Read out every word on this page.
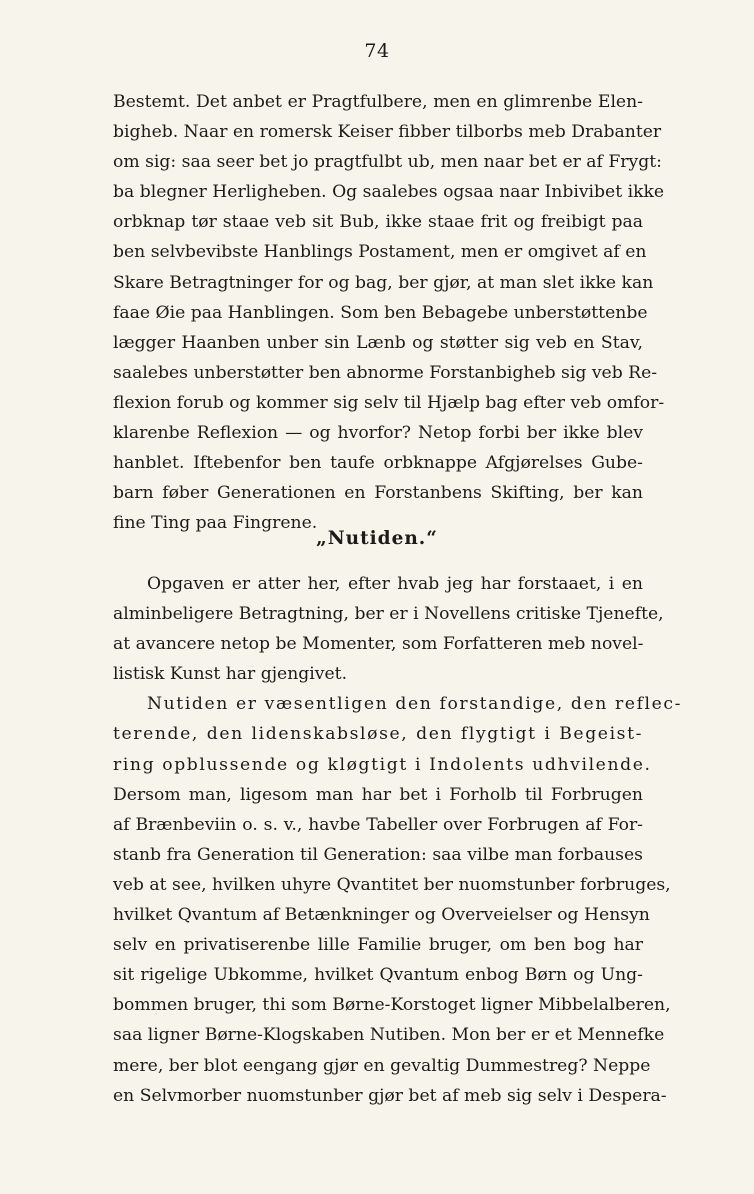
74
Bestemt. Det anbet er Pragtfulbere, men en glimrenbe Elen-
bigheb. Naar en romersk Keiser fibber tilborbs meb Drabanter
om sig: saa seer bet jo pragtfulbt ub, men naar bet er af Frygt:
ba blegner Herligheben. Og saalebes ogsaa naar Inbivibet ikke
orbknap tør staae veb sit Bub, ikke staae frit og freibigt paa
ben selvbevibste Hanblings Postament, men er omgivet af en
Skare Betragtninger for og bag, ber gjør, at man slet ikke kan
faae Øie paa Hanblingen. Som ben Bebagebe unberstøttenbe
lægger Haanben unber sin Lænb og støtter sig veb en Stav,
saalebes unberstøtter ben abnorme Forstanbigheb sig veb Re-
flexion forub og kommer sig selv til Hjælp bag efter veb omfor-
klarenbe Reflexion — og hvorfor? Netop forbi ber ikke blev
hanblet. Iftebenfor ben taufe orbknappe Afgjørelses Gube-
barn føber Generationen en Forstanbens Skifting, ber kan
fine Ting paa Fingrene.
„Nutiden.“
Opgaven er atter her, efter hvab jeg har forstaaet, i en
alminbeligere Betragtning, ber er i Novellens critiske Tjenefte,
at avancere netop be Momenter, som Forfatteren meb novel-
listisk Kunst har gjengivet.
Nutiden er væsentligen den forstandige, den reflec-
terende, den lidenskabsløse, den flygtigt i Begeist-
ring opblussende og kløgtigt i Indolents udhvilende.
Dersom man, ligesom man har bet i Forholb til Forbrugen
af Brænbeviin o. s. v., havbe Tabeller over Forbrugen af For-
stanb fra Generation til Generation: saa vilbe man forbauses
veb at see, hvilken uhyre Qvantitet ber nuomstunber forbruges,
hvilket Qvantum af Betænkninger og Overveielser og Hensyn
selv en privatiserenbe lille Familie bruger, om ben bog har
sit rigelige Ubkomme, hvilket Qvantum enbog Børn og Ung-
bommen bruger, thi som Børne-Korstoget ligner Mibbelalberen,
saa ligner Børne-Klogskaben Nutiben. Mon ber er et Mennefke
mere, ber blot eengang gjør en gevaltig Dummestreg? Neppe
en Selvmorber nuomstunber gjør bet af meb sig selv i Despera-
